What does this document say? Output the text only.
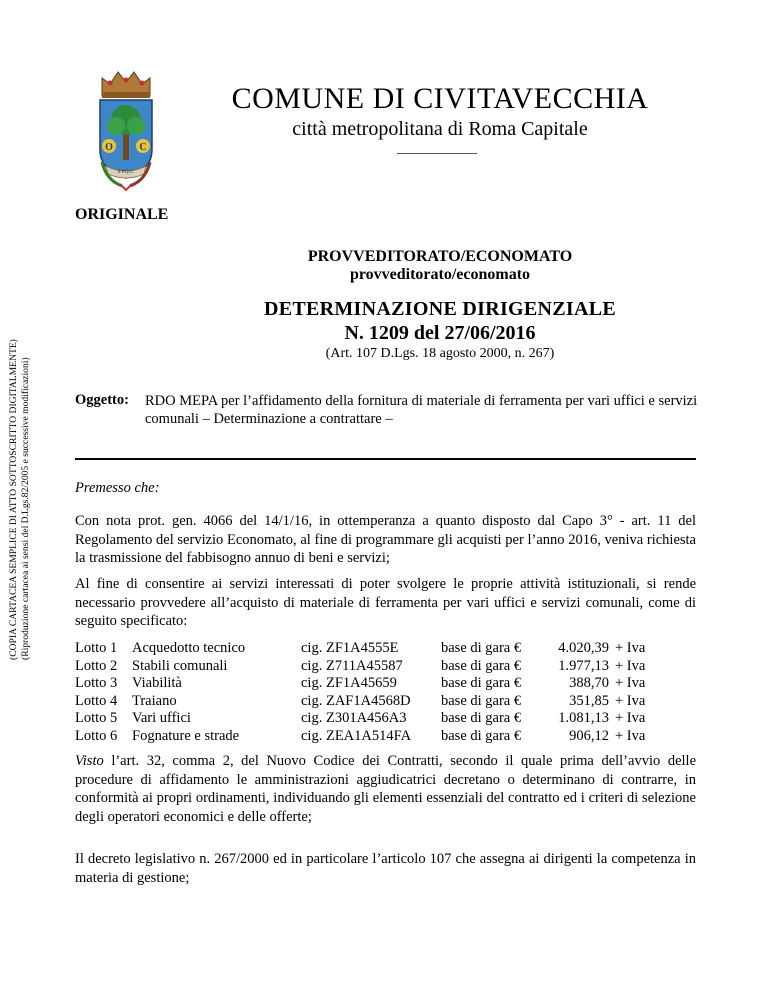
(COPIA CARTACEA SEMPLICE DI ATTO SOTTOSCRITTO DIGITALMENTE) (Riproduzione cartacea ai sensi del D.Lgs.82/2005 e successive modificazioni)
O	C
S.P.Q.C.
COMUNE DI CIVITAVECCHIA
città metropolitana di Roma Capitale
ORIGINALE
PROVVEDITORATO/ECONOMATO
provveditorato/economato
DETERMINAZIONE DIRIGENZIALE
N. 1209 del 27/06/2016
(Art. 107 D.Lgs. 18 agosto 2000, n. 267)
Oggetto: RDO MEPA per l’affidamento della fornitura di materiale di ferramenta per vari uffici e servizi comunali – Determinazione a contrattare –
Premesso che:
Con nota prot. gen. 4066 del 14/1/16, in ottemperanza a quanto disposto dal Capo 3° - art. 11 del Regolamento del servizio Economato, al fine di programmare gli acquisti per l’anno 2016, veniva richiesta la trasmissione del fabbisogno annuo di beni e servizi;
Al fine di consentire ai servizi interessati di poter svolgere le proprie attività istituzionali, si rende necessario provvedere all’acquisto di materiale di ferramenta per vari uffici e servizi comunali, come di seguito specificato:
Lotto 1 Acquedotto tecnico	cig. ZF1A4555E	base di gara €	4.020,39 + Iva
Lotto 2 Stabili comunali	cig. Z711A45587	base di gara €	1.977,13 + Iva
Lotto 3 Viabilità	cig. ZF1A45659	base di gara €	388,70 + Iva
Lotto 4 Traiano	cig. ZAF1A4568D base di gara €	351,85 + Iva
Lotto 5 Vari uffici	cig. Z301A456A3 base di gara €	1.081,13 + Iva
Lotto 6 Fognature e strade	cig. ZEA1A514FA base di gara €	906,12 + Iva
Visto l’art. 32, comma 2, del Nuovo Codice dei Contratti, secondo il quale prima dell’avvio delle procedure di affidamento le amministrazioni aggiudicatrici decretano o determinano di contrarre, in conformità ai propri ordinamenti, individuando gli elementi essenziali del contratto ed i criteri di selezione degli operatori economici e delle offerte;
Il decreto legislativo n. 267/2000 ed in particolare l’articolo 107 che assegna ai dirigenti la competenza in materia di gestione;
